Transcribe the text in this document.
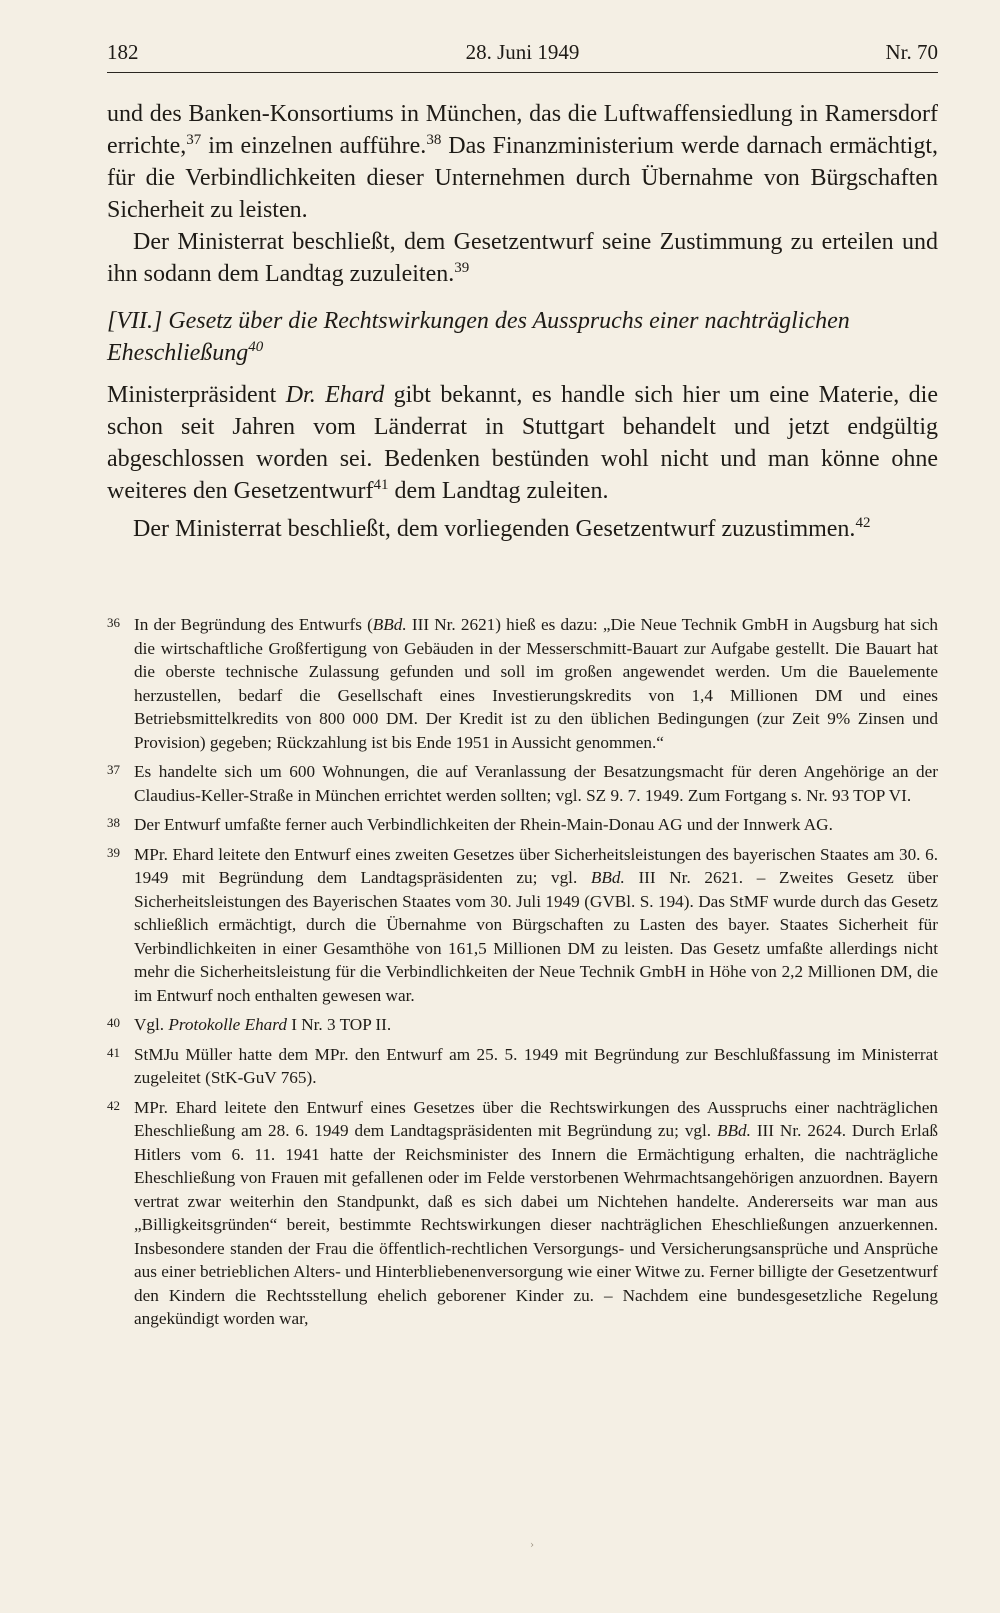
182	28. Juni 1949	Nr. 70

und des Banken-Konsortiums in München, das die Luftwaffensiedlung in Ramersdorf errichte,$^{37}$ im einzelnen aufführe.$^{38}$ Das Finanzministerium werde darnach ermächtigt, für die Verbindlichkeiten dieser Unternehmen durch Übernahme von Bürgschaften Sicherheit zu leisten.

Der Ministerrat beschließt, dem Gesetzentwurf seine Zustimmung zu erteilen und ihn sodann dem Landtag zuzuleiten.$^{39}$

[VII.] Gesetz über die Rechtswirkungen des Ausspruchs einer nachträglichen Eheschließung$^{40}$

Ministerpräsident Dr. Ehard gibt bekannt, es handle sich hier um eine Materie, die schon seit Jahren vom Länderrat in Stuttgart behandelt und jetzt endgültig abgeschlossen worden sei. Bedenken bestünden wohl nicht und man könne ohne weiteres den Gesetzentwurf$^{41}$ dem Landtag zuleiten.

Der Ministerrat beschließt, dem vorliegenden Gesetzentwurf zuzustimmen.$^{42}$

36 In der Begründung des Entwurfs (BBd. III Nr. 2621) hieß es dazu: „Die Neue Technik GmbH in Augsburg hat sich die wirtschaftliche Großfertigung von Gebäuden in der Messerschmitt-Bauart zur Aufgabe gestellt. Die Bauart hat die oberste technische Zulassung gefunden und soll im großen angewendet werden. Um die Bauelemente herzustellen, bedarf die Gesellschaft eines Investierungskredits von 1,4 Millionen DM und eines Betriebsmittelkredits von 800 000 DM. Der Kredit ist zu den üblichen Bedingungen (zur Zeit 9% Zinsen und Provision) gegeben; Rückzahlung ist bis Ende 1951 in Aussicht genommen.“
37 Es handelte sich um 600 Wohnungen, die auf Veranlassung der Besatzungsmacht für deren Angehörige an der Claudius-Keller-Straße in München errichtet werden sollten; vgl. SZ 9. 7. 1949. Zum Fortgang s. Nr. 93 TOP VI.
38 Der Entwurf umfaßte ferner auch Verbindlichkeiten der Rhein-Main-Donau AG und der Innwerk AG.
39 MPr. Ehard leitete den Entwurf eines zweiten Gesetzes über Sicherheitsleistungen des bayerischen Staates am 30. 6. 1949 mit Begründung dem Landtagspräsidenten zu; vgl. BBd. III Nr. 2621. – Zweites Gesetz über Sicherheitsleistungen des Bayerischen Staates vom 30. Juli 1949 (GVBl. S. 194). Das StMF wurde durch das Gesetz schließlich ermächtigt, durch die Übernahme von Bürgschaften zu Lasten des bayer. Staates Sicherheit für Verbindlichkeiten in einer Gesamthöhe von 161,5 Millionen DM zu leisten. Das Gesetz umfaßte allerdings nicht mehr die Sicherheitsleistung für die Verbindlichkeiten der Neue Technik GmbH in Höhe von 2,2 Millionen DM, die im Entwurf noch enthalten gewesen war.
40 Vgl. Protokolle Ehard I Nr. 3 TOP II.
41 StMJu Müller hatte dem MPr. den Entwurf am 25. 5. 1949 mit Begründung zur Beschlußfassung im Ministerrat zugeleitet (StK-GuV 765).
42 MPr. Ehard leitete den Entwurf eines Gesetzes über die Rechtswirkungen des Ausspruchs einer nachträglichen Eheschließung am 28. 6. 1949 dem Landtagspräsidenten mit Begründung zu; vgl. BBd. III Nr. 2624. Durch Erlaß Hitlers vom 6. 11. 1941 hatte der Reichsminister des Innern die Ermächtigung erhalten, die nachträgliche Eheschließung von Frauen mit gefallenen oder im Felde verstorbenen Wehrmachtsangehörigen anzuordnen. Bayern vertrat zwar weiterhin den Standpunkt, daß es sich dabei um Nichtehen handelte. Andererseits war man aus „Billigkeitsgründen“ bereit, bestimmte Rechtswirkungen dieser nachträglichen Eheschließungen anzuerkennen. Insbesondere standen der Frau die öffentlich-rechtlichen Versorgungs- und Versicherungsansprüche und Ansprüche aus einer betrieblichen Alters- und Hinterbliebenenversorgung wie einer Witwe zu. Ferner billigte der Gesetzentwurf den Kindern die Rechtsstellung ehelich geborener Kinder zu. – Nachdem eine bundesgesetzliche Regelung angekündigt worden war,
›
